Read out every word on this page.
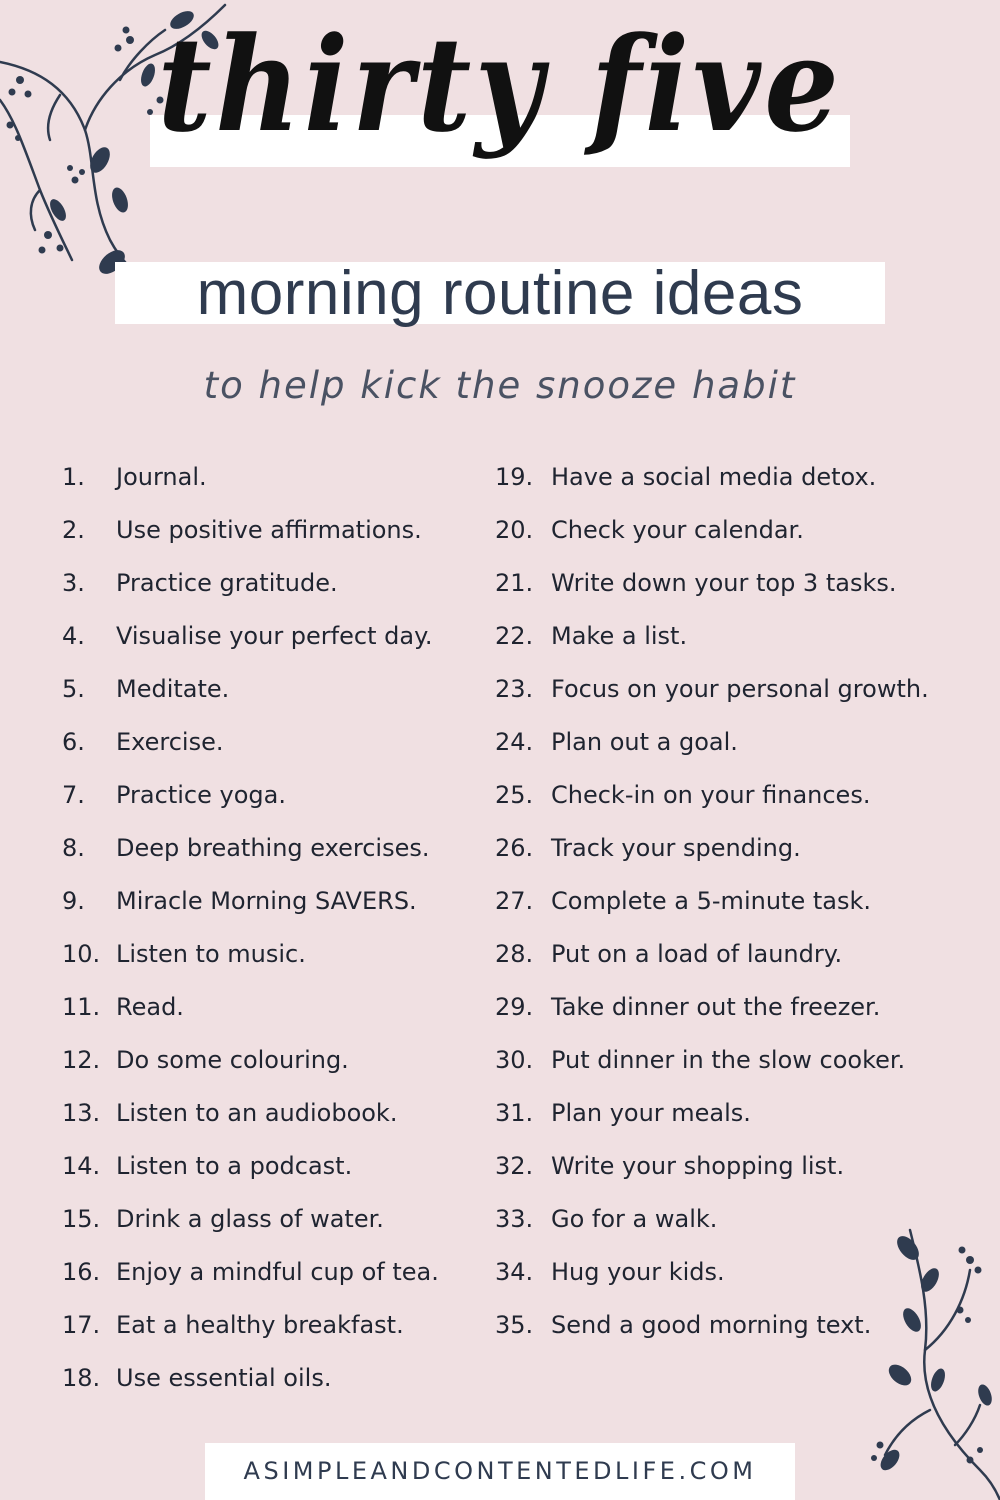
thirty five
morning routine ideas
to help kick the snooze habit
1.	Journal.
2.	Use positive affirmations.
3.	Practice gratitude.
4.	Visualise your perfect day.
5.	Meditate.
6.	Exercise.
7.	Practice yoga.
8.	Deep breathing exercises.
9.	Miracle Morning SAVERS.
10. Listen to music.
11. Read.
12. Do some colouring.
13. Listen to an audiobook.
14. Listen to a podcast.
15. Drink a glass of water.
16. Enjoy a mindful cup of tea.
17. Eat a healthy breakfast.
18. Use essential oils.
19. Have a social media detox.
20. Check your calendar.
21. Write down your top 3 tasks.
22. Make a list.
23. Focus on your personal growth.
24. Plan out a goal.
25. Check-in on your finances.
26. Track your spending.
27. Complete a 5-minute task.
28. Put on a load of laundry.
29. Take dinner out the freezer.
30. Put dinner in the slow cooker.
31. Plan your meals.
32. Write your shopping list.
33. Go for a walk.
34. Hug your kids.
35. Send a good morning text.
ASIMPLEANDCONTENTEDLIFE.COM
